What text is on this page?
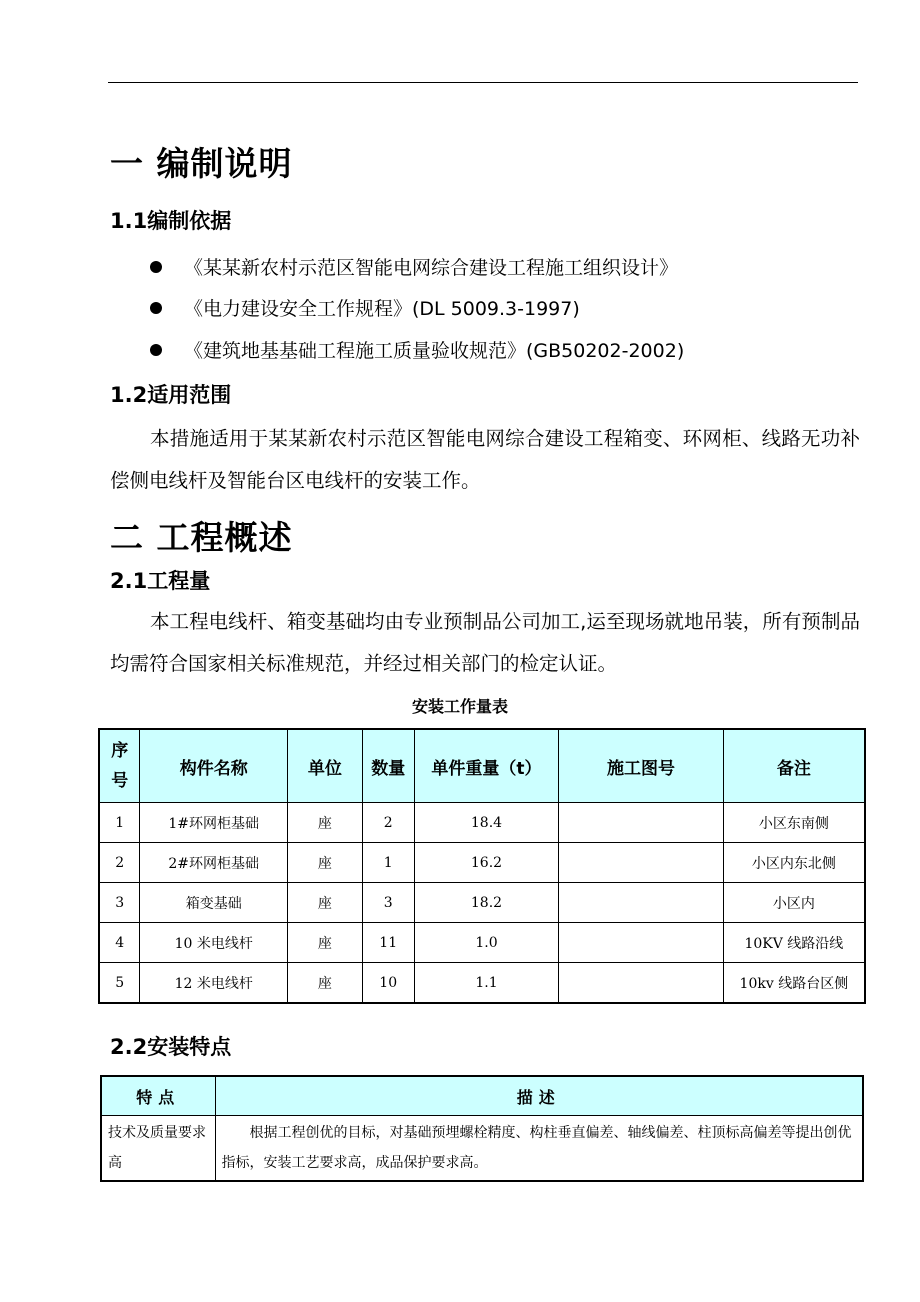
一 编制说明
1.1编制依据
《某某新农村示范区智能电网综合建设工程施工组织设计》
《电力建设安全工作规程》(DL 5009.3-1997)
《建筑地基基础工程施工质量验收规范》(GB50202-2002)
1.2适用范围
本措施适用于某某新农村示范区智能电网综合建设工程箱变、环网柜、线路无功补偿侧电线杆及智能台区电线杆的安装工作。
二 工程概述
2.1工程量
本工程电线杆、箱变基础均由专业预制品公司加工,运至现场就地吊装，所有预制品均需符合国家相关标准规范，并经过相关部门的检定认证。
安装工作量表
序号	构件名称	单位	数量	单件重量（t）	施工图号	备注
1	1#环网柜基础	座	2	18.4		小区东南侧
2	2#环网柜基础	座	1	16.2		小区内东北侧
3	箱变基础	座	3	18.2		小区内
4	10 米电线杆	座	11	1.0		10KV 线路沿线
5	12 米电线杆	座	10	1.1		10kv 线路台区侧
2.2安装特点
特点	描述
技术及质量要求高	根据工程创优的目标，对基础预埋螺栓精度、构柱垂直偏差、轴线偏差、柱顶标高偏差等提出创优指标，安装工艺要求高，成品保护要求高。
